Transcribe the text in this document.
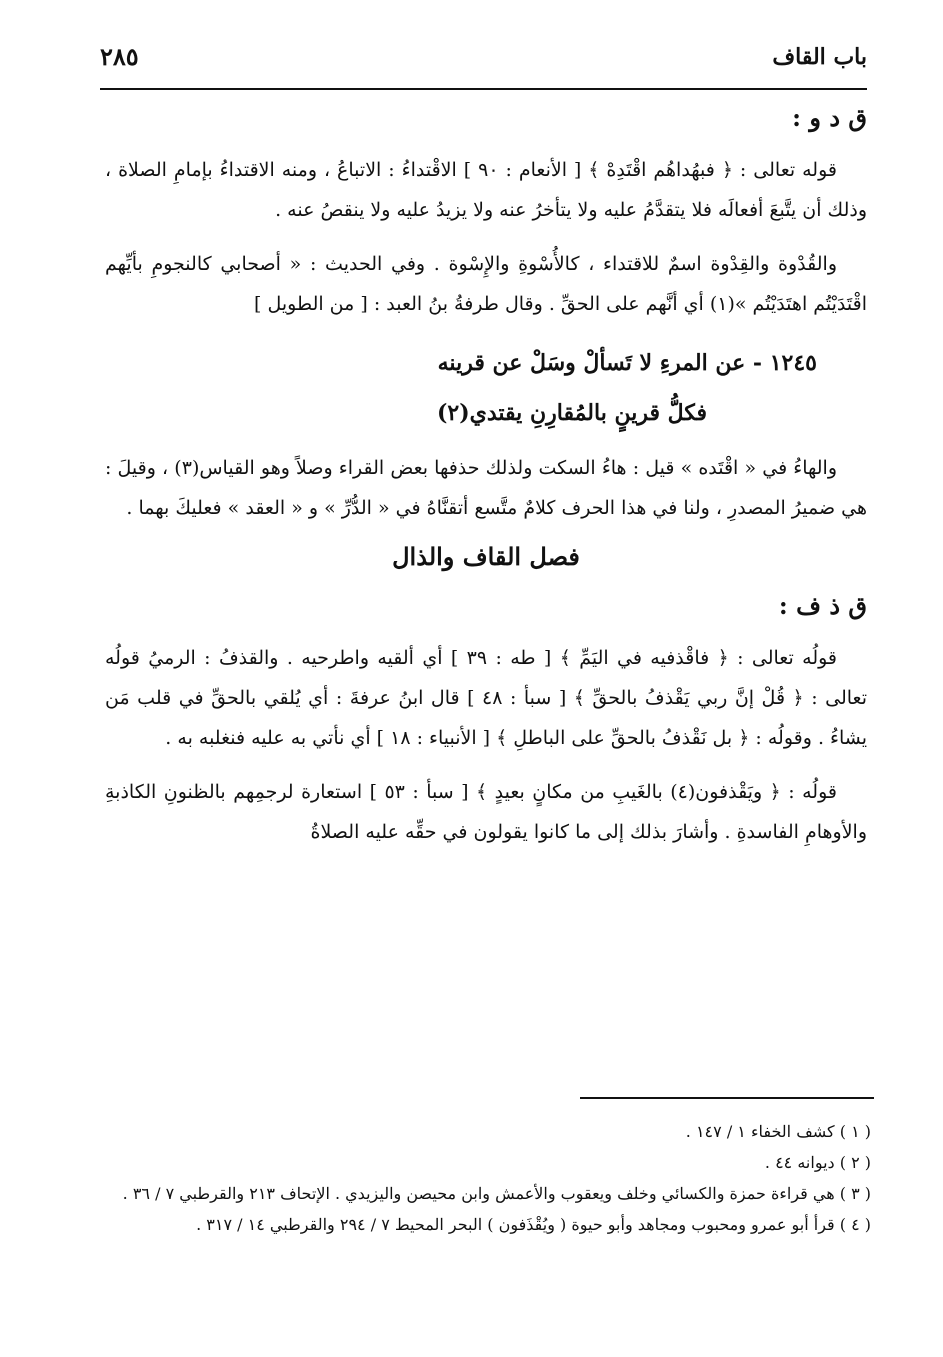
باب القاف
٢٨٥
ق د و :

قوله تعالى : ﴿ فبهُداهُم اقْتَدِهْ ﴾ [ الأنعام : ٩٠ ] الاقْتداءُ : الاتباعُ ، ومنه الاقتداءُ بإمامِ الصلاة ، وذلك أن يتَّبعَ أفعالَه فلا يتقدَّمُ عليه ولا يتأخرُ عنه ولا يزيدُ عليه ولا ينقصُ عنه .

والقُدْوة والقِدْوة اسمٌ للاقتداء ، كالأُسْوةِ والإِسْوة . وفي الحديث : « أصحابي كالنجومِ بأيِّهم اقْتَدَيْتُم اهتَدَيْتُم »(١) أي أنَّهم على الحقِّ . وقال طرفةُ بنُ العبد : [ من الطويل ]

١٢٤٥ - عن المرءِ لا تَسألْ وسَلْ عن قرينه
فكلُّ قرينٍ بالمُقارِنِ يقتدي(٢)

والهاءُ في « اقْتَده » قيل : هاءُ السكت ولذلك حذفها بعض القراء وصلاً وهو القياس(٣) ، وقيلَ : هي ضميرُ المصدرِ ، ولنا في هذا الحرف كلامٌ متَّسع أتقنَّاهُ في « الدُّرِّ » و « العقد » فعليكَ بهما .

فصل القاف والذال
ق ذ ف :

قولُه تعالى : ﴿ فاقْذفيه في اليَمِّ ﴾ [ طه : ٣٩ ] أي ألقيه واطرحيه . والقذفُ : الرميُ قولُه تعالى : ﴿ قُلْ إنَّ ربي يَقْذفُ بالحقِّ ﴾ [ سبأ : ٤٨ ] قال ابنُ عرفةَ : أي يُلقي بالحقِّ في قلب مَن يشاءُ . وقولُه : ﴿ بل نَقْذفُ بالحقِّ على الباطلِ ﴾ [ الأنبياء : ١٨ ] أي نأتي به عليه فنغلبه به .

قولُه : ﴿ ويَقْذفون(٤) بالغَيبِ من مكانٍ بعيدٍ ﴾ [ سبأ : ٥٣ ] استعارة لرجمِهم بالظنونِ الكاذبةِ والأوهامِ الفاسدةِ . وأشارَ بذلك إلى ما كانوا يقولون في حقِّه عليه الصلاةُ

( ١ ) كشف الخفاء ١ / ١٤٧ .
( ٢ ) ديوانه ٤٤ .
( ٣ ) هي قراءة حمزة والكسائي وخلف ويعقوب والأعمش وابن محيصن واليزيدي . الإتحاف ٢١٣ والقرطبي ٧ / ٣٦ .
( ٤ ) قرأ أبو عمرو ومحبوب ومجاهد وأبو حيوة ( ويُقْذَفون ) البحر المحيط ٧ / ٢٩٤ والقرطبي ١٤ / ٣١٧ .
